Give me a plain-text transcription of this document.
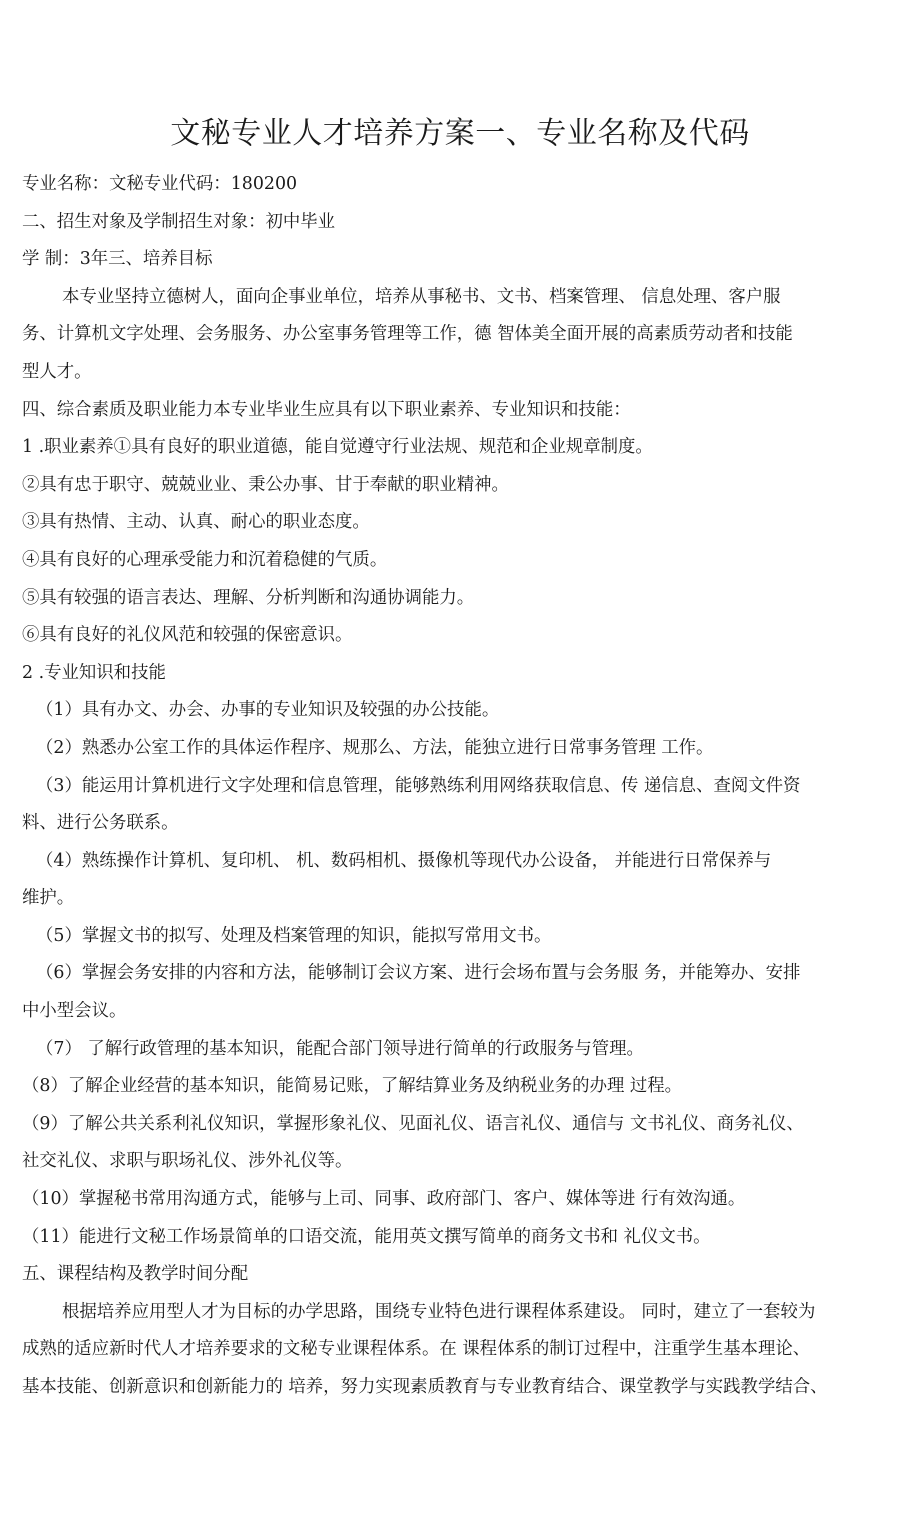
文秘专业人才培养方案一、专业名称及代码
专业名称：文秘专业代码：180200
二、招生对象及学制招生对象：初中毕业
学 制：3年三、培养目标
本专业坚持立德树人，面向企事业单位，培养从事秘书、文书、档案管理、 信息处理、客户服
务、计算机文字处理、会务服务、办公室事务管理等工作，德 智体美全面开展的高素质劳动者和技能
型人才。
四、综合素质及职业能力本专业毕业生应具有以下职业素养、专业知识和技能：
1 .职业素养①具有良好的职业道德，能自觉遵守行业法规、规范和企业规章制度。
②具有忠于职守、兢兢业业、秉公办事、甘于奉献的职业精神。
③具有热情、主动、认真、耐心的职业态度。
④具有良好的心理承受能力和沉着稳健的气质。
⑤具有较强的语言表达、理解、分析判断和沟通协调能力。
⑥具有良好的礼仪风范和较强的保密意识。
2 .专业知识和技能
（1）具有办文、办会、办事的专业知识及较强的办公技能。
（2）熟悉办公室工作的具体运作程序、规那么、方法，能独立进行日常事务管理 工作。
（3）能运用计算机进行文字处理和信息管理，能够熟练利用网络获取信息、传 递信息、查阅文件资
料、进行公务联系。
（4）熟练操作计算机、复印机、 机、数码相机、摄像机等现代办公设备， 并能进行日常保养与
维护。
（5）掌握文书的拟写、处理及档案管理的知识，能拟写常用文书。
（6）掌握会务安排的内容和方法，能够制订会议方案、进行会场布置与会务服 务，并能筹办、安排
中小型会议。
（7） 了解行政管理的基本知识，能配合部门领导进行简单的行政服务与管理。
（8）了解企业经营的基本知识，能简易记账，了解结算业务及纳税业务的办理 过程。
（9）了解公共关系利礼仪知识，掌握形象礼仪、见面礼仪、语言礼仪、通信与 文书礼仪、商务礼仪、
社交礼仪、求职与职场礼仪、涉外礼仪等。
（10）掌握秘书常用沟通方式，能够与上司、同事、政府部门、客户、媒体等进 行有效沟通。
（11）能进行文秘工作场景简单的口语交流，能用英文撰写简单的商务文书和 礼仪文书。
五、课程结构及教学时间分配
根据培养应用型人才为目标的办学思路，围绕专业特色进行课程体系建设。 同时，建立了一套较为
成熟的适应新时代人才培养要求的文秘专业课程体系。在 课程体系的制订过程中，注重学生基本理论、
基本技能、创新意识和创新能力的 培养，努力实现素质教育与专业教育结合、课堂教学与实践教学结合、
